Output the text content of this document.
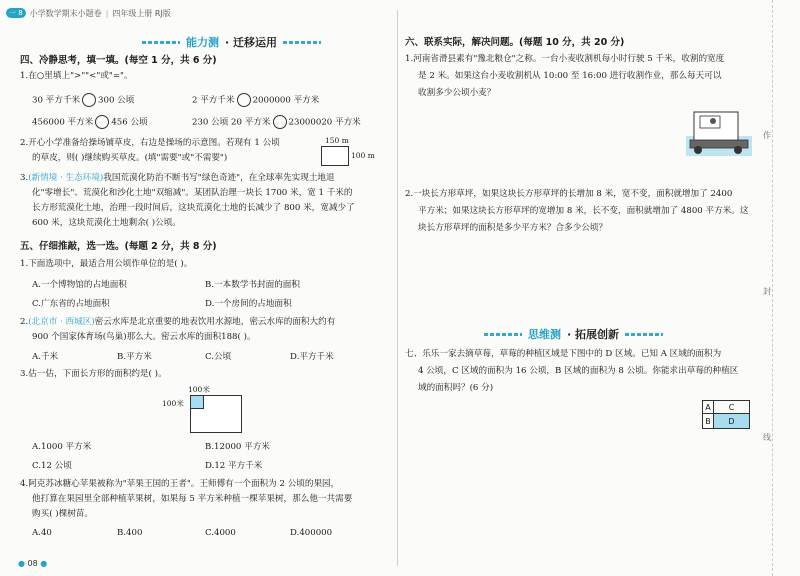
一 8 小学数学期末小题卷 | 四年级上册 RJ版
能力测 · 迁移运用
四、冷静思考，填一填。(每空 1 分，共 6 分)
1.在○里填上">""<"或"="。
30 平方千米 300 公顷	2 平方千米 2000000 平方米
456000 平方米 456 公顷	230 公顷 20 平方米 23000020 平方米
2.开心小学准备给操场铺草皮，右边是操场的示意图。若现有 1 公顷
的草皮，则( )继续购买草皮。(填"需要"或"不需要")
150 m
100 m
3.(新情境 · 生态环境)我国荒漠化防治不断书写"绿色奇迹"，在全球率先实现土地退
化"零增长"、荒漠化和沙化土地"双缩减"。某团队治理一块长 1700 米，宽 1 千米的
长方形荒漠化土地，治理一段时间后，这块荒漠化土地的长减少了 800 米，宽减少了
600 米，这块荒漠化土地剩余( )公顷。
五、仔细推敲，选一选。(每题 2 分，共 8 分)
1.下面选项中，最适合用公顷作单位的是( )。
A.一个博物馆的占地面积	B.一本数学书封面的面积
C.广东省的占地面积	D.一个房间的占地面积
2.(北京市 · 西城区)密云水库是北京重要的地表饮用水源地，密云水库的面积大约有
900 个国家体育场(鸟巢)那么大。密云水库的面积188( )。
A.千米	B.平方米	C.公顷	D.平方千米
3.估一估，下面长方形的面积约是( )。
100米
100米
A.1000 平方米	B.12000 平方米
C.12 公顷	D.12 平方千米
4.阿克苏冰糖心苹果被称为"苹果王国的王者"。王师傅有一个面积为 2 公顷的果园，
他打算在果园里全部种植苹果树，如果每 5 平方米种植一棵苹果树，那么他一共需要
购买( )棵树苗。
A.40	B.400	C.4000	D.400000
● 08 ●
六、联系实际，解决问题。(每题 10 分，共 20 分)
1.河南省滑县素有"豫北粮仓"之称。一台小麦收割机每小时行驶 5 千米，收割的宽度
是 2 米。如果这台小麦收割机从 10:00 至 16:00 进行收割作业，那么每天可以
收割多少公顷小麦？
2.一块长方形草坪，如果这块长方形草坪的长增加 8 米，宽不变，面积就增加了 2400
平方米；如果这块长方形草坪的宽增加 8 米，长不变，面积就增加了 4800 平方米。这
块长方形草坪的面积是多少平方米？合多少公顷？
思维测 · 拓展创新
七、乐乐一家去摘草莓，草莓的种植区域是下图中的 D 区域。已知 A 区域的面积为
4 公顷，C 区域的面积为 16 公顷，B 区域的面积为 8 公顷。你能求出草莓的种植区
域的面积吗？(6 分)
A	C
B	D
作
封
线
